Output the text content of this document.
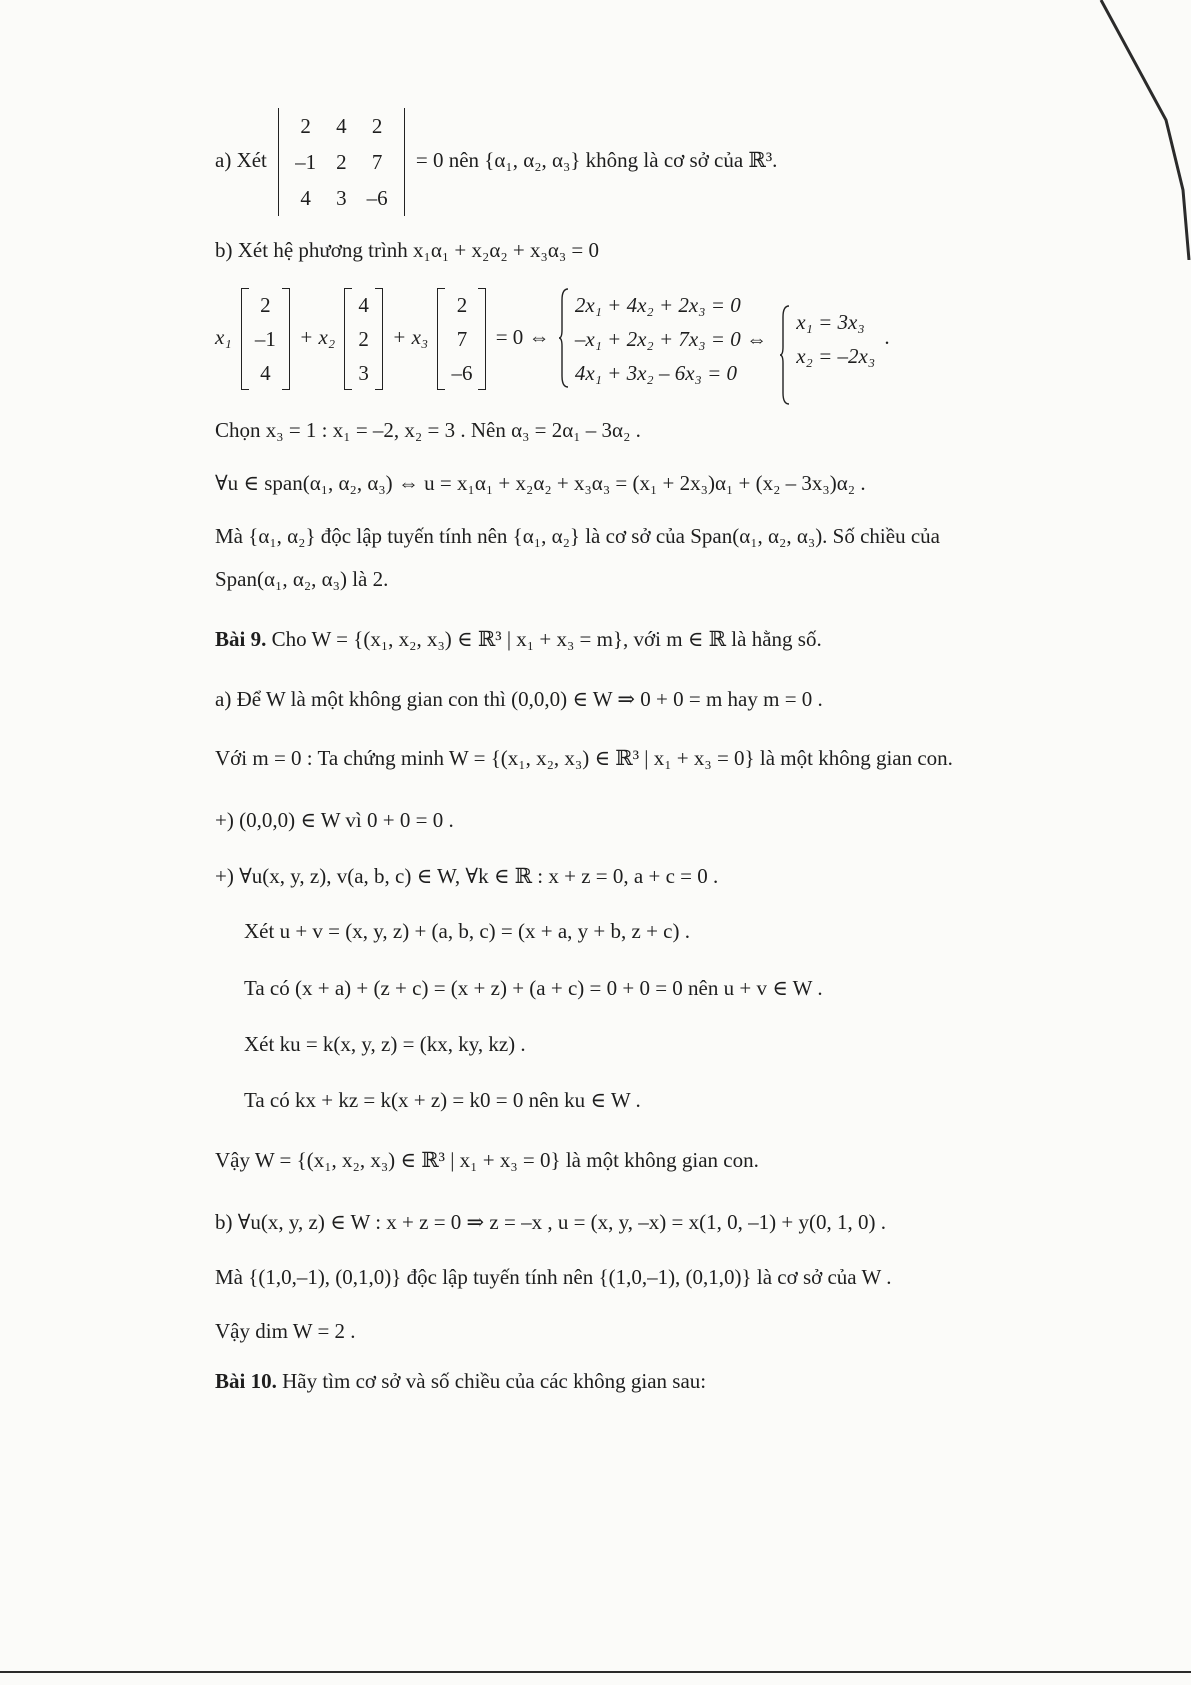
a) Xét
2	4	2
–1	2	7
4	3	–6
= 0 nên {α₁, α₂, α₃} không là cơ sở của ℝ³.
b) Xét hệ phương trình x₁α₁ + x₂α₂ + x₃α₃ = 0
x₁
2
–1
4
+ x₂
4
2
3
+ x₃
2
7
–6
= 0 ⇔
2x₁ + 4x₂ + 2x₃ = 0
–x₁ + 2x₂ + 7x₃ = 0 ⇔
4x₁ + 3x₂ – 6x₃ = 0

x₁ = 3x₃
x₂ = –2x₃
.
Chọn x₃ = 1 : x₁ = –2, x₂ = 3 . Nên α₃ = 2α₁ – 3α₂ .
∀u ∈ span(α₁, α₂, α₃) ⇔ u = x₁α₁ + x₂α₂ + x₃α₃ = (x₁ + 2x₃)α₁ + (x₂ – 3x₃)α₂ .
Mà {α₁, α₂} độc lập tuyến tính nên {α₁, α₂} là cơ sở của Span(α₁, α₂, α₃). Số chiều của
Span(α₁, α₂, α₃) là 2.
Bài 9. Cho W = {(x₁, x₂, x₃) ∈ ℝ³ | x₁ + x₃ = m}, với m ∈ ℝ là hằng số.
a) Để W là một không gian con thì (0,0,0) ∈ W ⇒ 0 + 0 = m hay m = 0 .
Với m = 0 : Ta chứng minh W = {(x₁, x₂, x₃) ∈ ℝ³ | x₁ + x₃ = 0} là một không gian con.
+) (0,0,0) ∈ W vì 0 + 0 = 0 .
+) ∀u(x, y, z), v(a, b, c) ∈ W, ∀k ∈ ℝ : x + z = 0, a + c = 0 .
Xét u + v = (x, y, z) + (a, b, c) = (x + a, y + b, z + c) .
Ta có (x + a) + (z + c) = (x + z) + (a + c) = 0 + 0 = 0 nên u + v ∈ W .
Xét ku = k(x, y, z) = (kx, ky, kz) .
Ta có kx + kz = k(x + z) = k0 = 0 nên ku ∈ W .
Vậy W = {(x₁, x₂, x₃) ∈ ℝ³ | x₁ + x₃ = 0} là một không gian con.
b) ∀u(x, y, z) ∈ W : x + z = 0 ⇒ z = –x , u = (x, y, –x) = x(1, 0, –1) + y(0, 1, 0) .
Mà {(1,0,–1), (0,1,0)} độc lập tuyến tính nên {(1,0,–1), (0,1,0)} là cơ sở của W .
Vậy dim W = 2 .
Bài 10. Hãy tìm cơ sở và số chiều của các không gian sau:
